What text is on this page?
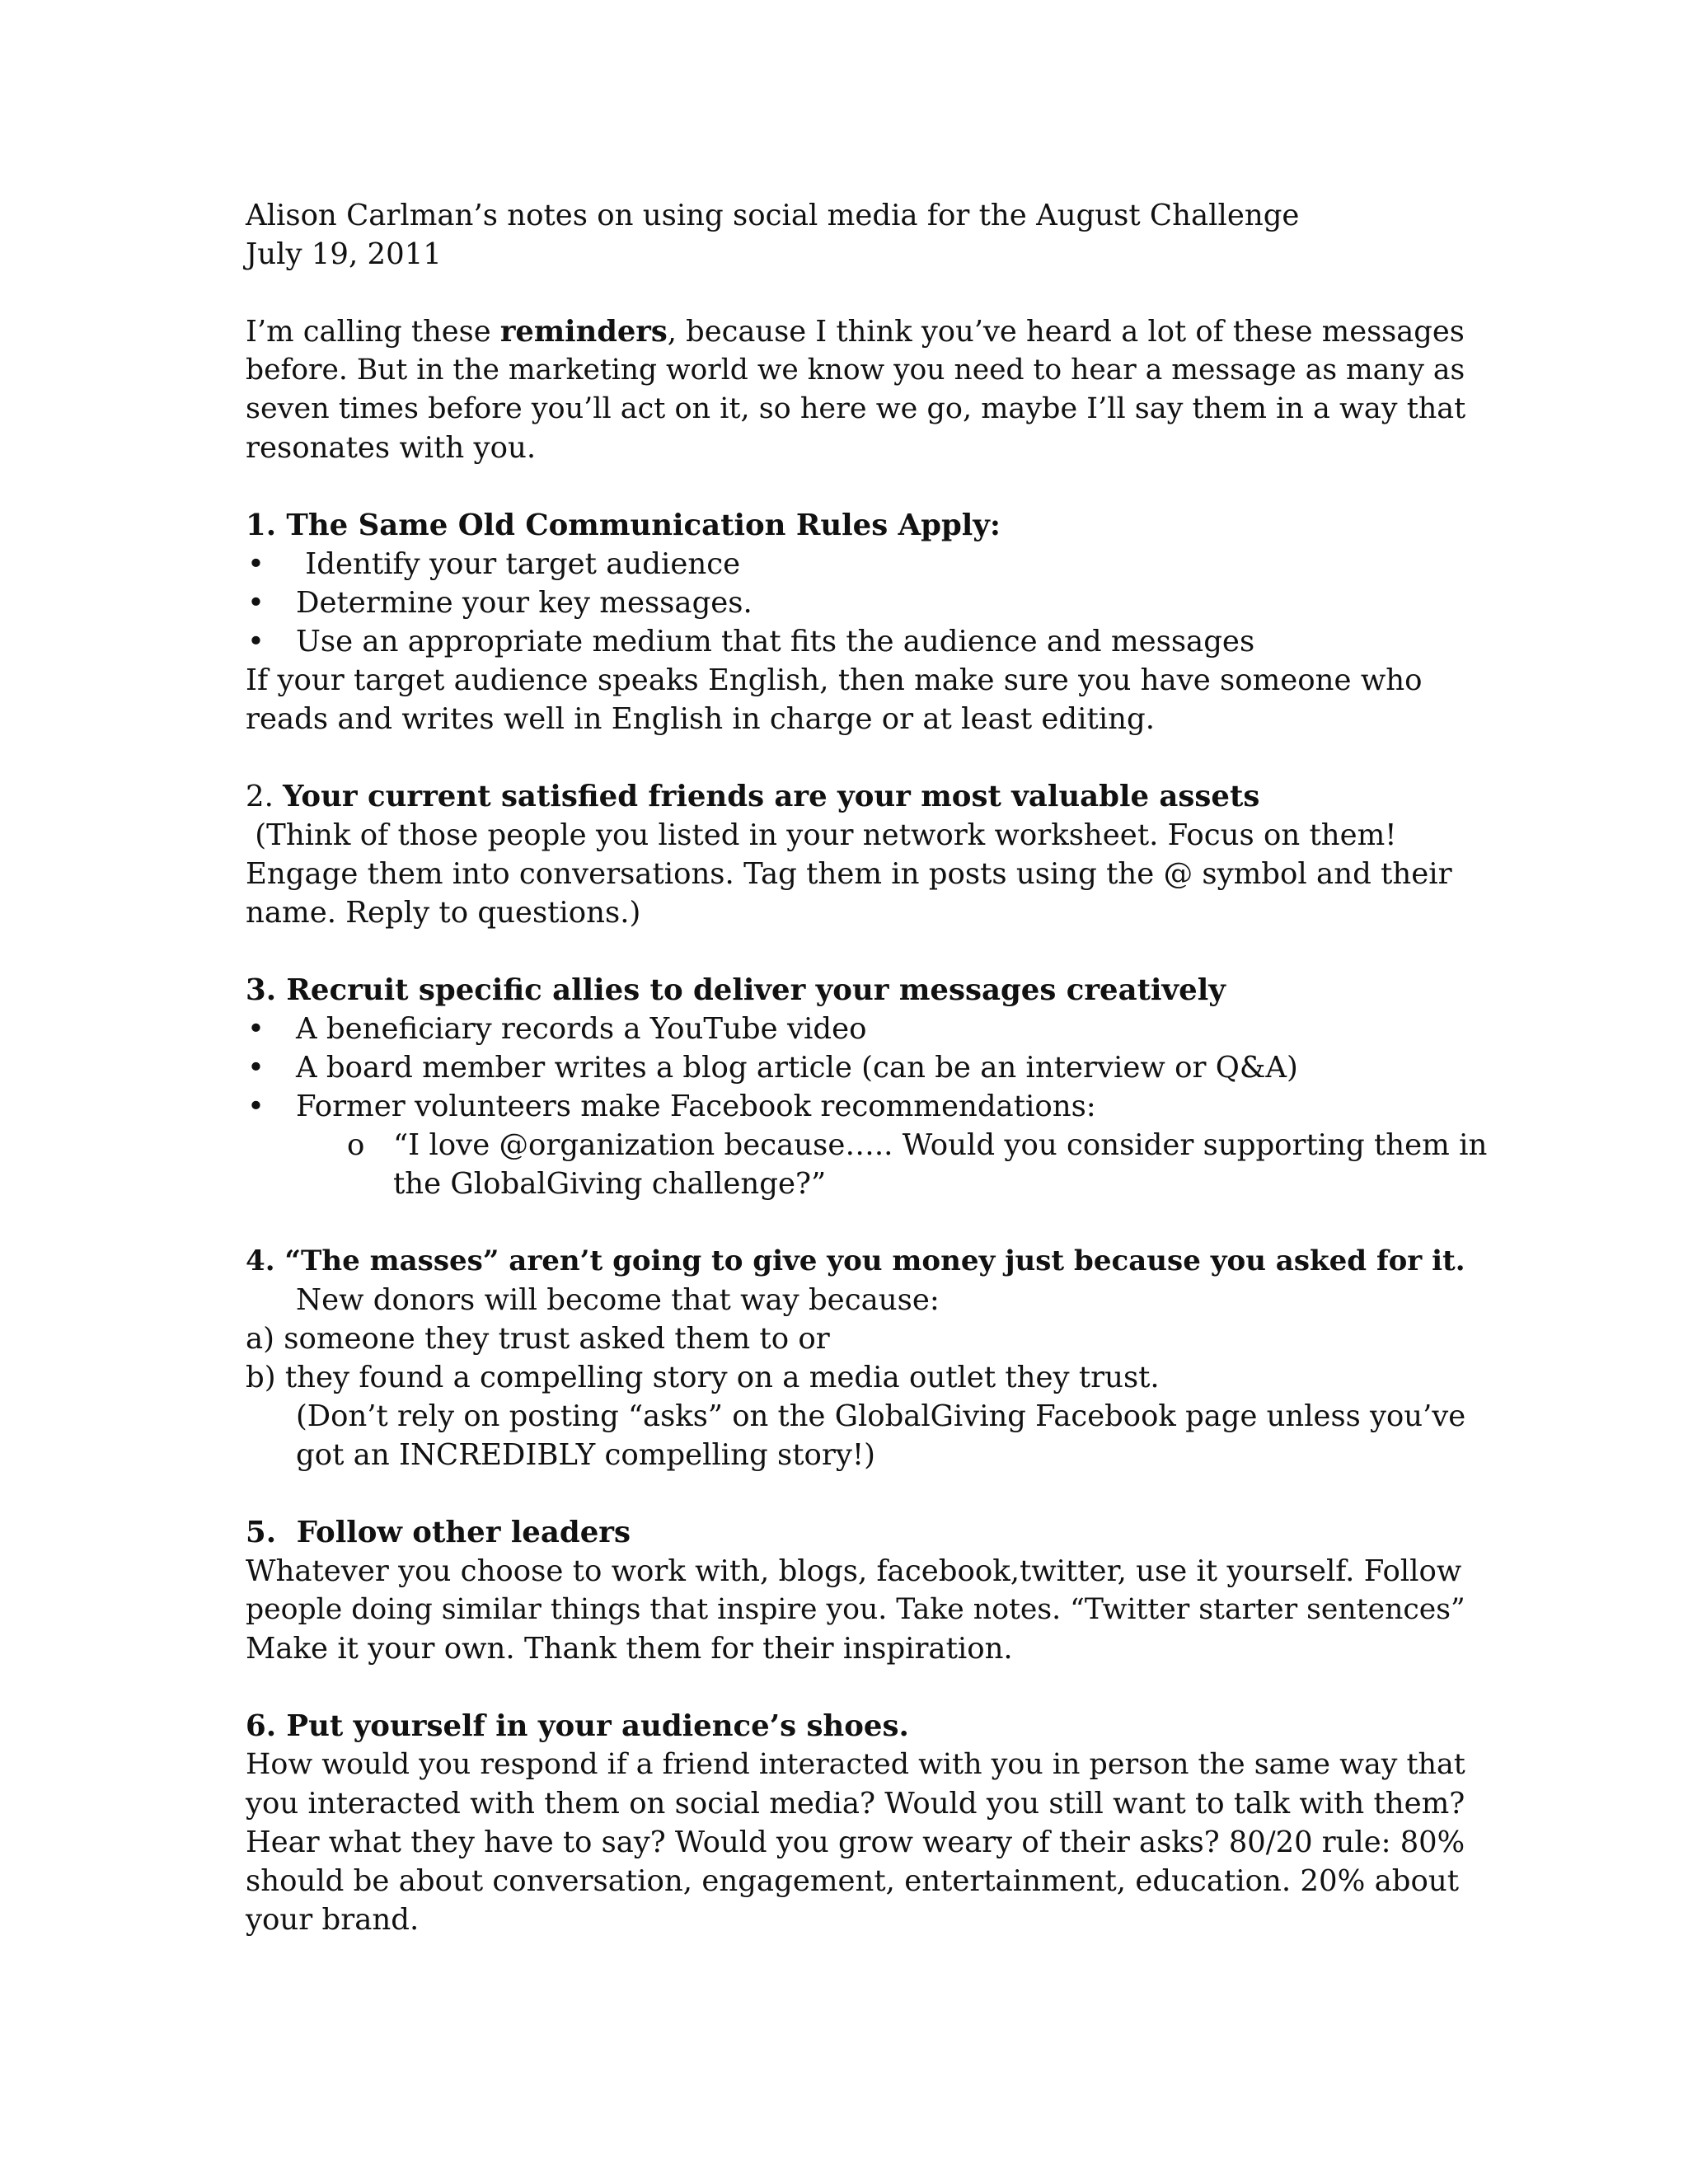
Alison Carlman’s notes on using social media for the August Challenge
July 19, 2011
I’m calling these reminders, because I think you’ve heard a lot of these messages
before. But in the marketing world we know you need to hear a message as many as
seven times before you’ll act on it, so here we go, maybe I’ll say them in a way that
resonates with you.
1. The Same Old Communication Rules Apply:
• Identify your target audience
• Determine your key messages.
• Use an appropriate medium that fits the audience and messages
If your target audience speaks English, then make sure you have someone who
reads and writes well in English in charge or at least editing.
2. Your current satisfied friends are your most valuable assets
(Think of those people you listed in your network worksheet. Focus on them!
Engage them into conversations. Tag them in posts using the @ symbol and their
name. Reply to questions.)
3. Recruit specific allies to deliver your messages creatively
• A beneficiary records a YouTube video
• A board member writes a blog article (can be an interview or Q&A)
• Former volunteers make Facebook recommendations:
o “I love @organization because….. Would you consider supporting them in
the GlobalGiving challenge?”
4. “The masses” aren’t going to give you money just because you asked for it.
New donors will become that way because:
a) someone they trust asked them to or
b) they found a compelling story on a media outlet they trust.
(Don’t rely on posting “asks” on the GlobalGiving Facebook page unless you’ve
got an INCREDIBLY compelling story!)
5.  Follow other leaders
Whatever you choose to work with, blogs, facebook,twitter, use it yourself. Follow
people doing similar things that inspire you. Take notes. “Twitter starter sentences”
Make it your own. Thank them for their inspiration.
6. Put yourself in your audience’s shoes.
How would you respond if a friend interacted with you in person the same way that
you interacted with them on social media? Would you still want to talk with them?
Hear what they have to say? Would you grow weary of their asks? 80/20 rule: 80%
should be about conversation, engagement, entertainment, education. 20% about
your brand.
